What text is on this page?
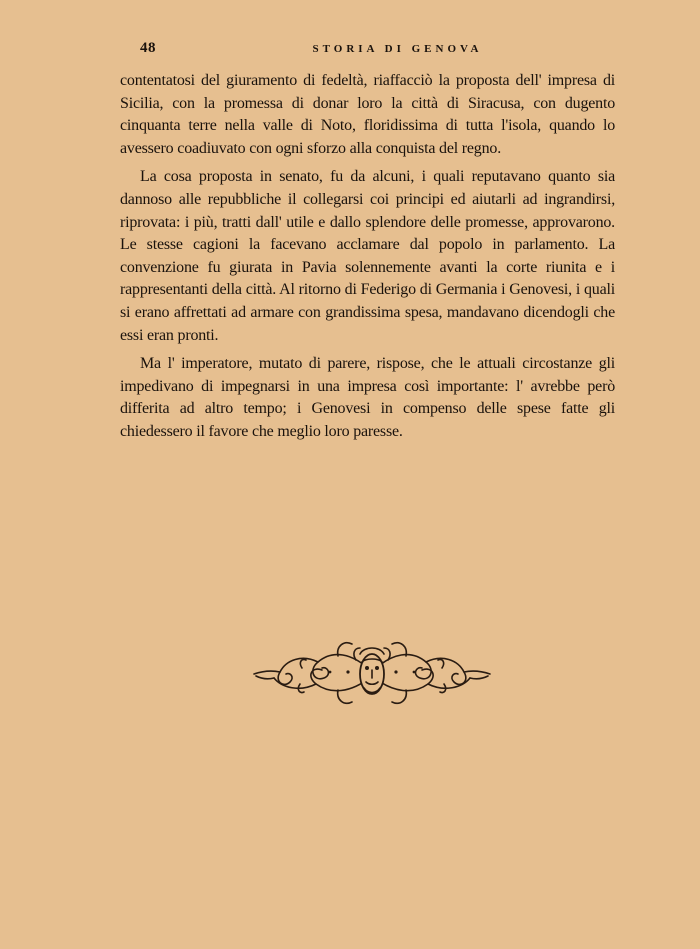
48	STORIA DI GENOVA

contentatosi del giuramento di fedeltà, riaffacciò la proposta dell' impresa di Sicilia, con la promessa di donar loro la città di Siracusa, con dugento cinquanta terre nella valle di Noto, floridissima di tutta l'isola, quando lo avessero coadiuvato con ogni sforzo alla conquista del regno.

La cosa proposta in senato, fu da alcuni, i quali reputavano quanto sia dannoso alle repubbliche il collegarsi coi principi ed aiutarli ad ingrandirsi, riprovata: i più, tratti dall' utile e dallo splendore delle promesse, approvarono. Le stesse cagioni la facevano acclamare dal popolo in parlamento. La convenzione fu giurata in Pavia solennemente avanti la corte riunita e i rappresentanti della città. Al ritorno di Federigo di Germania i Genovesi, i quali si erano affrettati ad armare con grandissima spesa, mandavano dicendogli che essi eran pronti.

Ma l' imperatore, mutato di parere, rispose, che le attuali circostanze gli impedivano di impegnarsi in una impresa così importante: l' avrebbe però differita ad altro tempo; i Genovesi in compenso delle spese fatte gli chiedessero il favore che meglio loro paresse.
